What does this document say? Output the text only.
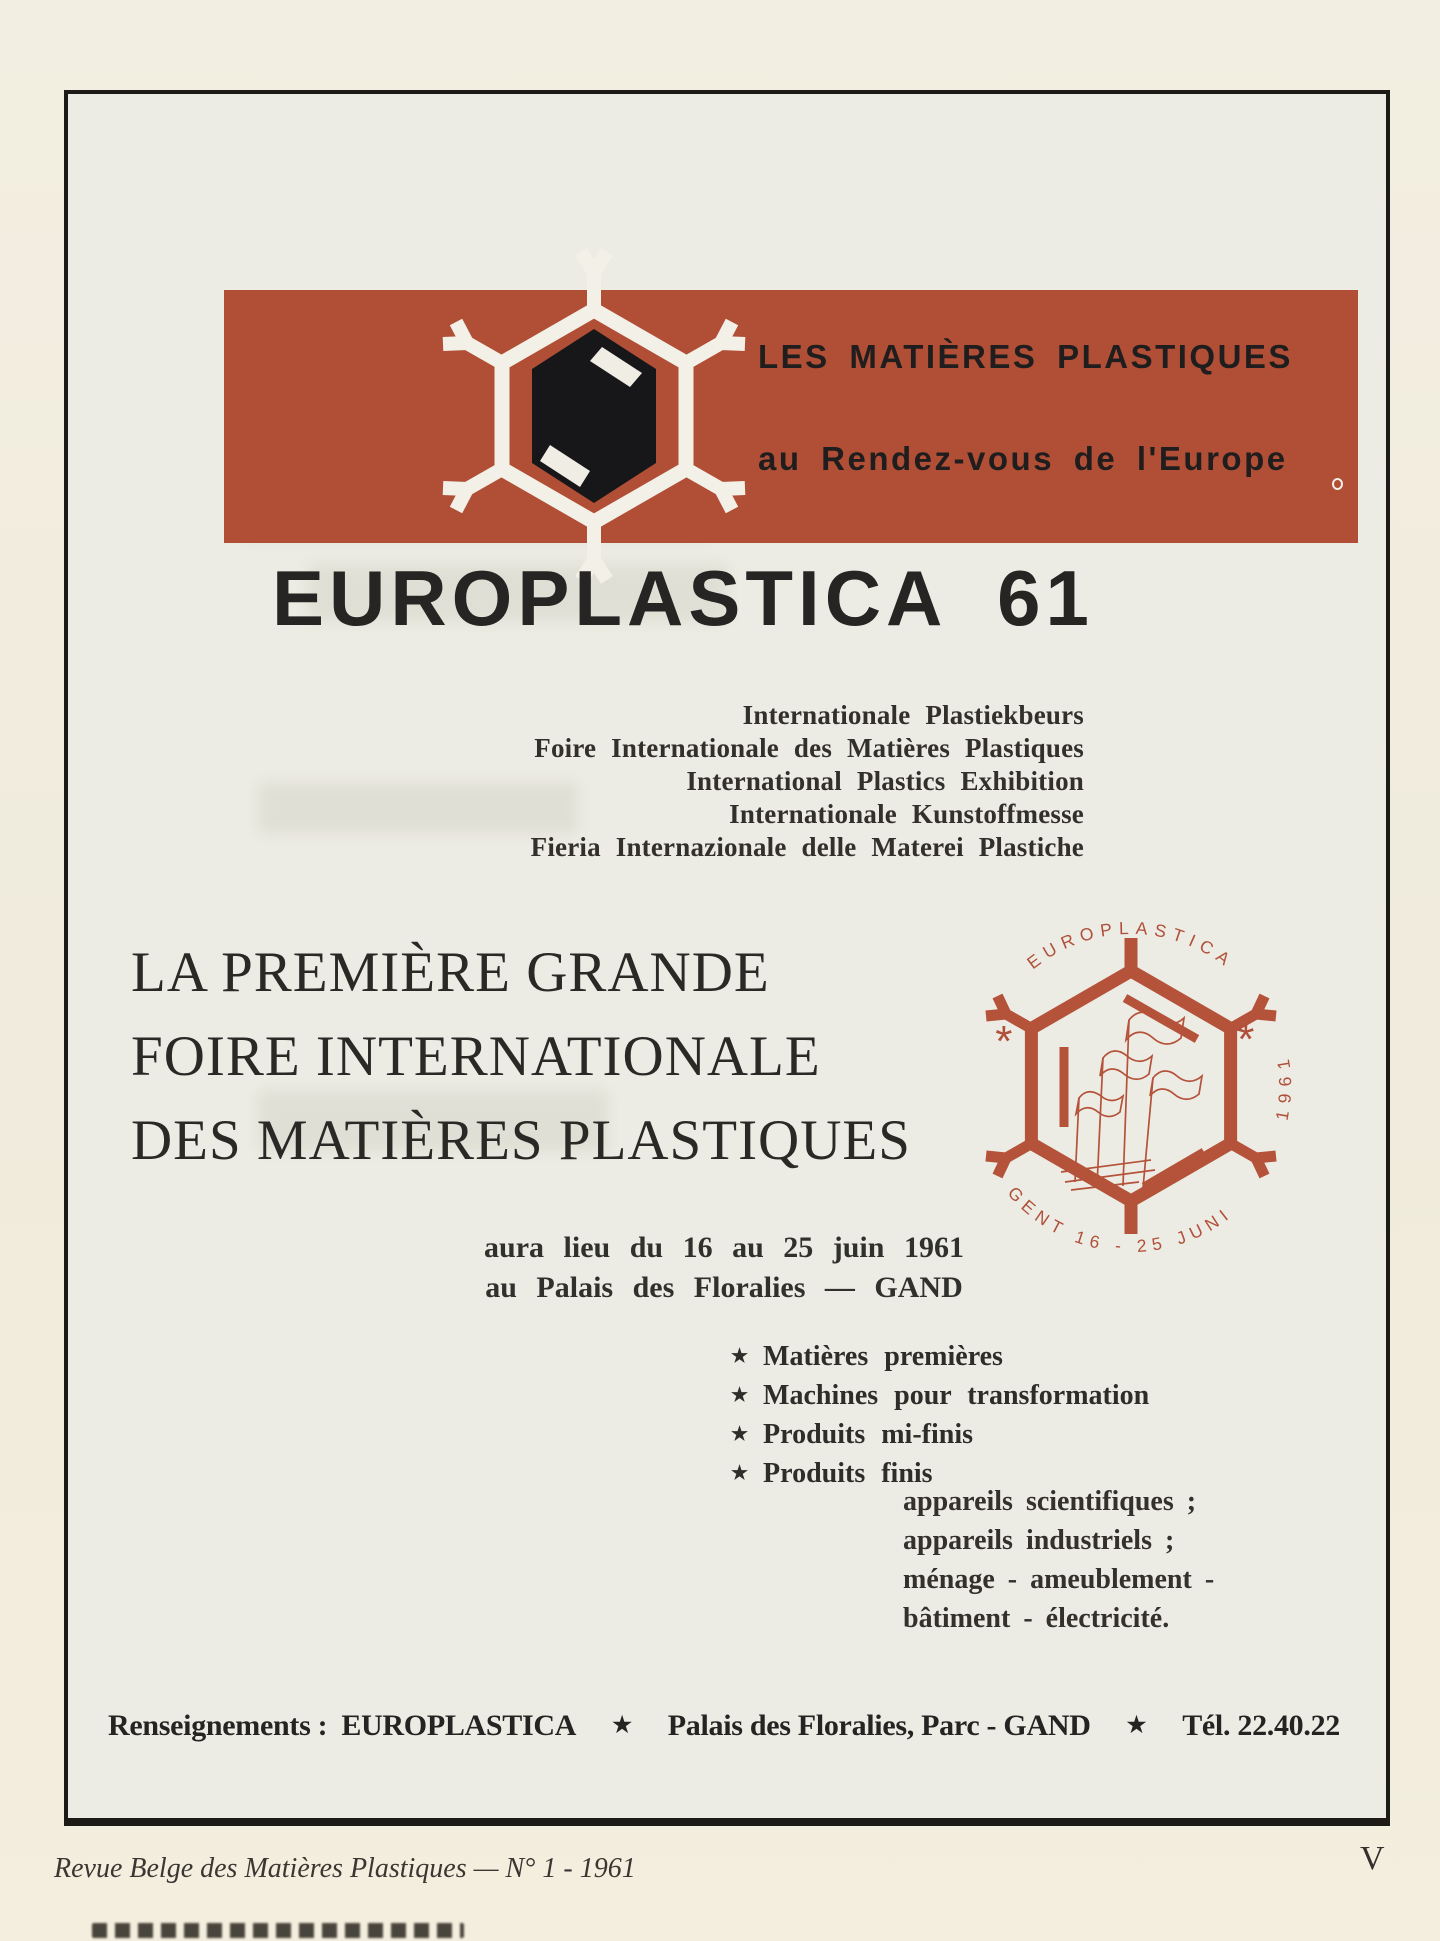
LES MATIÈRES PLASTIQUES
au Rendez-vous de l'Europe
EUROPLASTICA 61
Internationale Plastiekbeurs
Foire Internationale des Matières Plastiques
International Plastics Exhibition
Internationale Kunstoffmesse
Fieria Internazionale delle Materei Plastiche
LA PREMIÈRE GRANDE
FOIRE INTERNATIONALE
DES MATIÈRES PLASTIQUES
EUROPLASTICA
GENT 16 - 25 JUNI
1961
*	*
aura lieu du 16 au 25 juin 1961
au Palais des Floralies — GAND
★ Matières premières
★ Machines pour transformation
★ Produits mi-finis
★ Produits finis
appareils scientifiques ;
appareils industriels ;
ménage - ameublement -
bâtiment - électricité.
Renseignements : EUROPLASTICA ★ Palais des Floralies, Parc - GAND ★ Tél. 22.40.22
Revue Belge des Matières Plastiques — N° 1 - 1961	V
